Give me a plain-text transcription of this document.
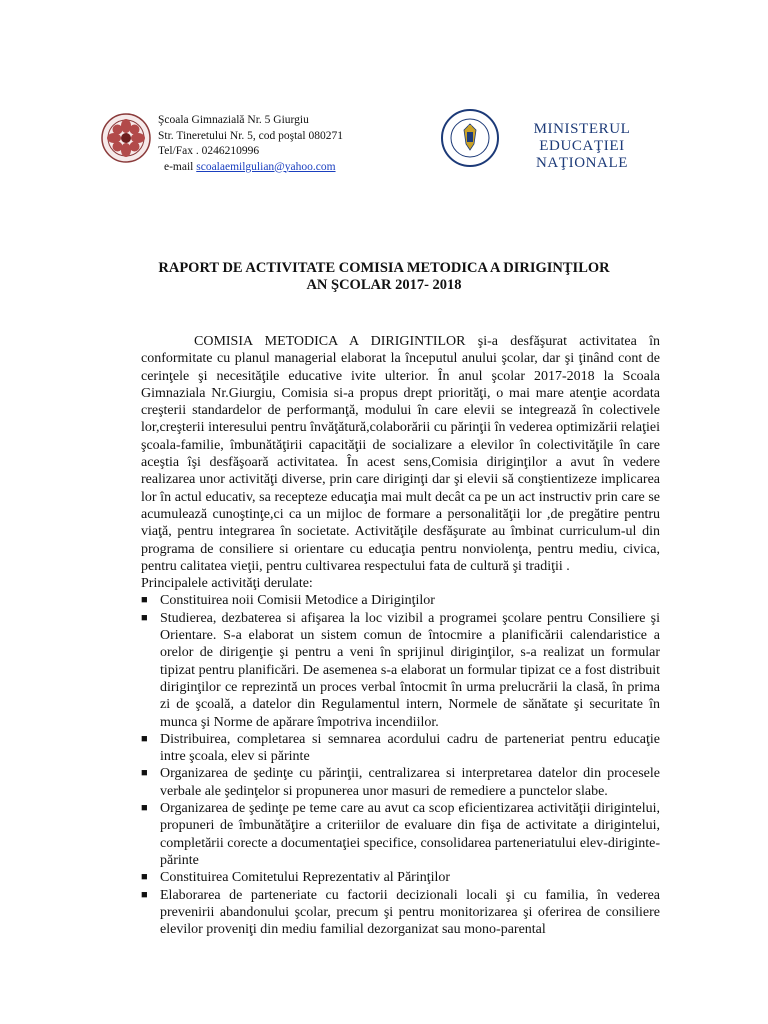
Şcoala Gimnazială Nr. 5 Giurgiu
Str. Tineretului Nr. 5, cod poştal 080271
Tel/Fax . 0246210996
e-mail scoalaemilgulian@yahoo.com
MINISTERUL EDUCAŢIEI
NAŢIONALE
RAPORT DE ACTIVITATE COMISIA METODICA A DIRIGINŢILOR
AN ŞCOLAR 2017- 2018

COMISIA METODICA A DIRIGINTILOR şi-a desfăşurat activitatea în conformitate cu planul managerial elaborat la începutul anului şcolar, dar şi ţinând cont de cerinţele şi necesităţile educative ivite ulterior. În anul şcolar 2017-2018 la Scoala Gimnaziala Nr.Giurgiu, Comisia si-a propus drept priorităţi, o mai mare atenţie acordata creşterii standardelor de performanţă, modului în care elevii se integrează în colectivele lor,creşterii interesului pentru învăţătură,colaborării cu părinţii în vederea optimizării relaţiei şcoala-familie, îmbunătăţirii capacităţii de socializare a elevilor în colectivităţile în care aceştia îşi desfăşoară activitatea. În acest sens,Comisia diriginţilor a avut în vedere realizarea unor activităţi diverse, prin care diriginţi dar şi elevii să conştientizeze implicarea lor în actul educativ, sa recepteze educaţia mai mult decât ca pe un act instructiv prin care se acumulează cunoştinţe,ci ca un mijloc de formare a personalităţii lor ,de pregătire pentru viaţă, pentru integrarea în societate. Activităţile desfăşurate au îmbinat curriculum-ul din programa de consiliere si orientare cu educaţia pentru nonviolenţa, pentru mediu, civica, pentru calitatea vieţii, pentru cultivarea respectului fata de cultură şi tradiţii .

Principalele activităţi derulate:

■ Constituirea noii Comisii Metodice a Diriginţilor
■ Studierea, dezbaterea si afişarea la loc vizibil a programei şcolare pentru Consiliere şi Orientare. S-a elaborat un sistem comun de întocmire a planificării calendaristice a orelor de dirigenţie şi pentru a veni în sprijinul diriginţilor, s-a realizat un formular tipizat pentru planificări. De asemenea s-a elaborat un formular tipizat ce a fost distribuit diriginţilor ce reprezintă un proces verbal întocmit în urma prelucrării la clasă, în prima zi de şcoală, a datelor din Regulamentul intern, Normele de sănătate şi securitate în munca şi Norme de apărare împotriva incendiilor.
■ Distribuirea, completarea si semnarea acordului cadru de parteneriat pentru educaţie intre şcoala, elev si părinte
■ Organizarea de şedinţe cu părinţii, centralizarea si interpretarea datelor din procesele verbale ale şedinţelor si propunerea unor masuri de remediere a punctelor slabe.
■ Organizarea de şedinţe pe teme care au avut ca scop eficientizarea activităţii dirigintelui, propuneri de îmbunătăţire a criteriilor de evaluare din fişa de activitate a dirigintelui, completării corecte a documentaţiei specifice, consolidarea parteneriatului elev-diriginte-părinte
■ Constituirea Comitetului Reprezentativ al Părinţilor
■ Elaborarea de parteneriate cu factorii decizionali locali şi cu familia, în vederea prevenirii abandonului şcolar, precum şi pentru monitorizarea şi oferirea de consiliere elevilor proveniţi din mediu familial dezorganizat sau mono-parental
